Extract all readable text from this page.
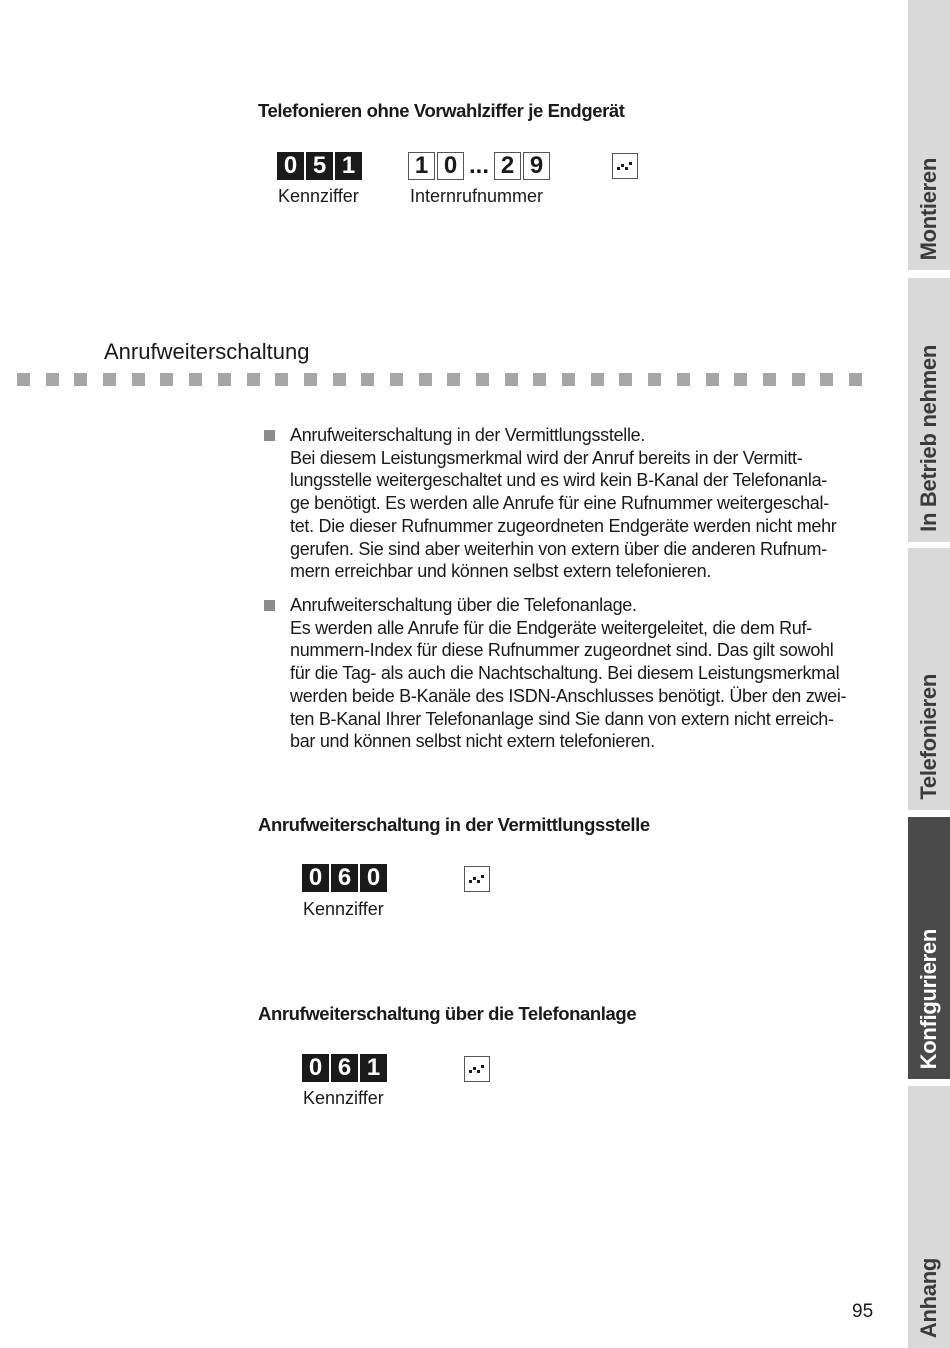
Telefonieren ohne Vorwahlziffer je Endgerät
0 5 1
Kennziffer
1 0 ... 2 9
Internrufnummer
Anrufweiterschaltung
Anrufweiterschaltung in der Vermittlungsstelle.
Bei diesem Leistungsmerkmal wird der Anruf bereits in der Vermitt-
lungsstelle weitergeschaltet und es wird kein B-Kanal der Telefonanla-
ge benötigt. Es werden alle Anrufe für eine Rufnummer weitergeschal-
tet. Die dieser Rufnummer zugeordneten Endgeräte werden nicht mehr
gerufen. Sie sind aber weiterhin von extern über die anderen Rufnum-
mern erreichbar und können selbst extern telefonieren.
Anrufweiterschaltung über die Telefonanlage.
Es werden alle Anrufe für die Endgeräte weitergeleitet, die dem Ruf-
nummern-Index für diese Rufnummer zugeordnet sind. Das gilt sowohl
für die Tag- als auch die Nachtschaltung. Bei diesem Leistungsmerkmal
werden beide B-Kanäle des ISDN-Anschlusses benötigt. Über den zwei-
ten B-Kanal Ihrer Telefonanlage sind Sie dann von extern nicht erreich-
bar und können selbst nicht extern telefonieren.
Anrufweiterschaltung in der Vermittlungsstelle
0 6 0
Kennziffer
Anrufweiterschaltung über die Telefonanlage
0 6 1
Kennziffer
95
Montieren
In Betrieb nehmen
Telefonieren
Konfigurieren
Anhang
